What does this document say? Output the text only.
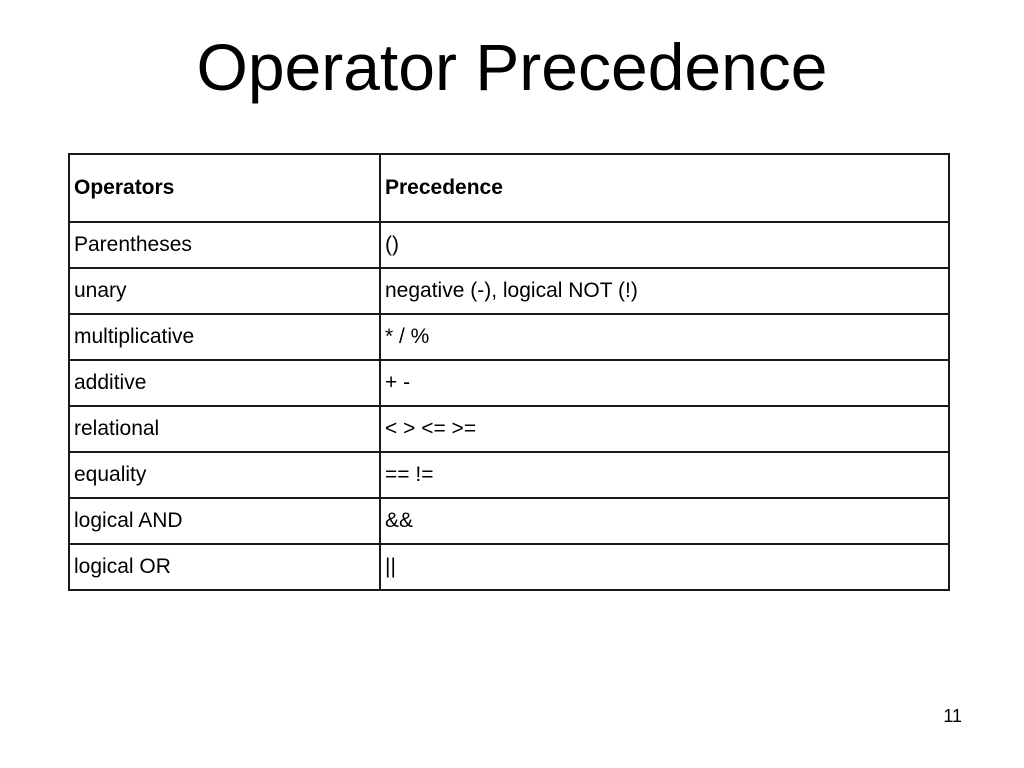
Operator Precedence
Operators	Precedence
Parentheses	()
unary	negative (-), logical NOT (!)
multiplicative	* / %
additive	+ -
relational	< > <= >=
equality	== !=
logical AND	&&
logical OR	||
11
